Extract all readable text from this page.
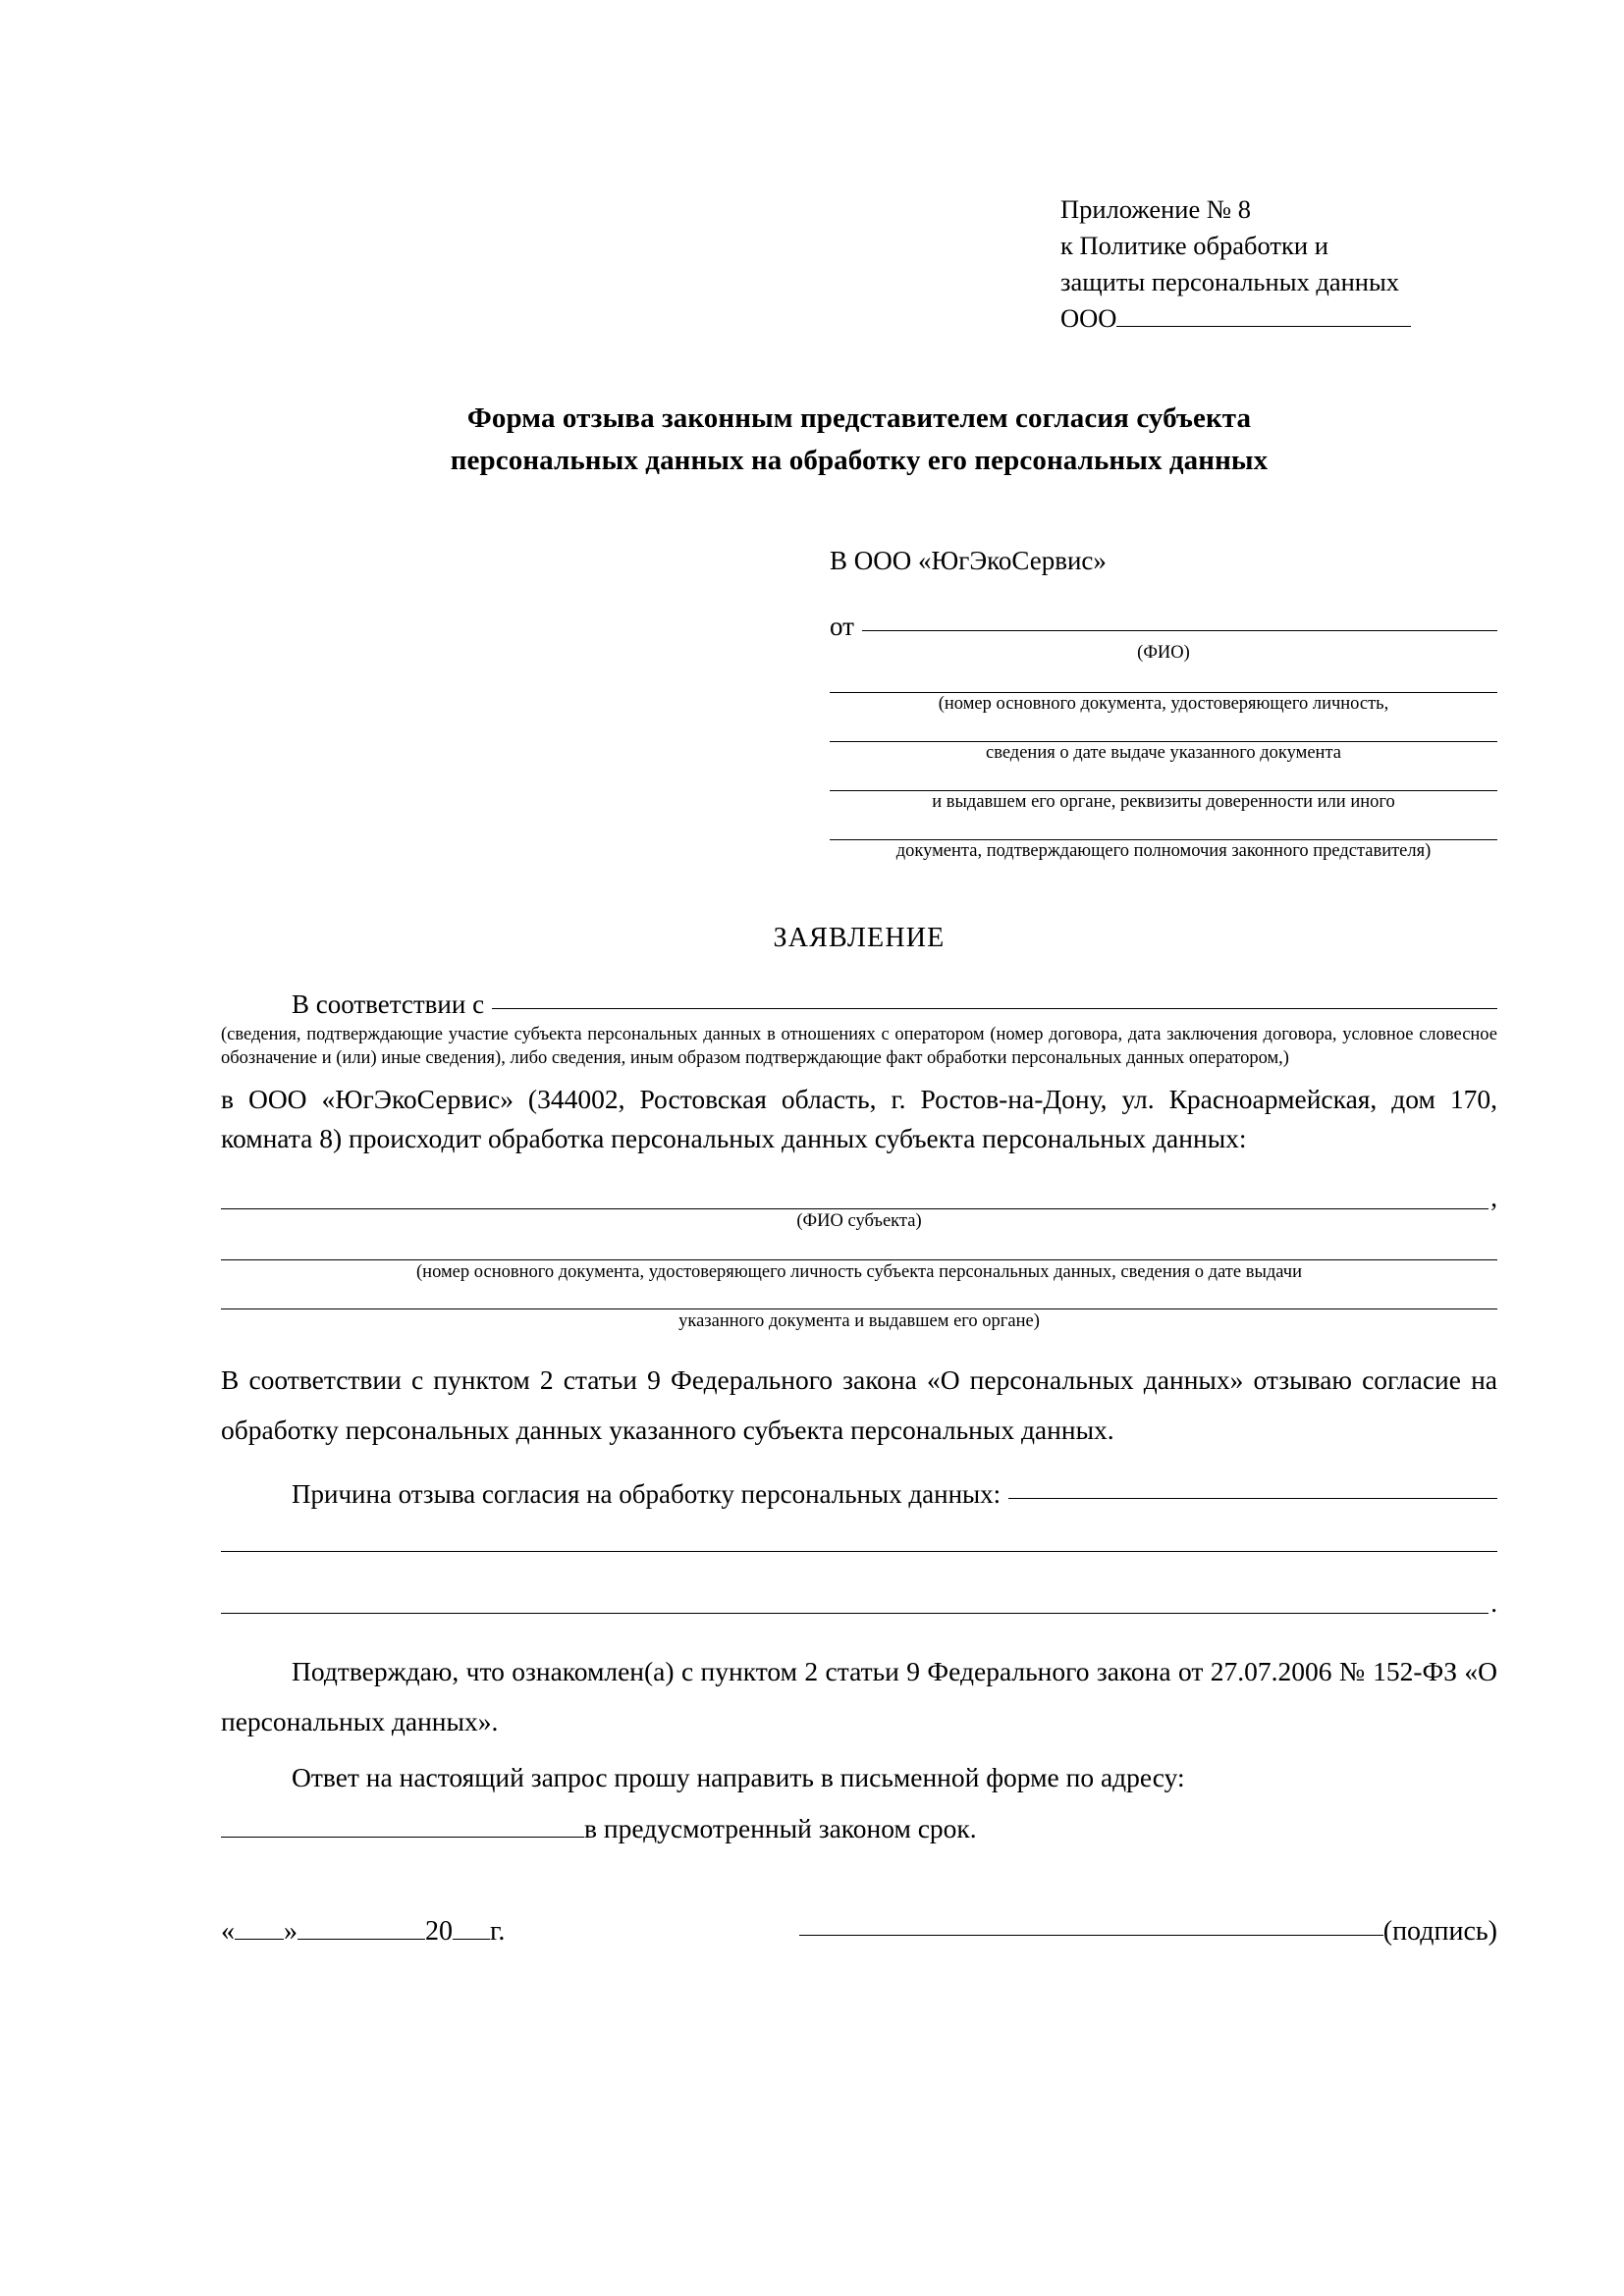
Приложение № 8
к Политике обработки и
защиты персональных данных
ООО
Форма отзыва законным представителем согласия субъекта
персональных данных на обработку его персональных данных
В ООО «ЮгЭкоСервис»
от
(ФИО)
(номер основного документа, удостоверяющего личность,
сведения о дате выдаче указанного документа
и выдавшем его органе, реквизиты доверенности или иного
документа, подтверждающего полномочия законного представителя)
ЗАЯВЛЕНИЕ
В соответствии с
(сведения, подтверждающие участие субъекта персональных данных в отношениях с оператором (номер договора, дата заключения договора, условное словесное обозначение и (или) иные сведения), либо сведения, иным образом подтверждающие факт обработки персональных данных оператором,)
в ООО «ЮгЭкоСервис» (344002, Ростовская область, г. Ростов-на-Дону, ул. Красноармейская, дом 170, комната 8) происходит обработка персональных данных субъекта персональных данных:
,
(ФИО субъекта)
(номер основного документа, удостоверяющего личность субъекта персональных данных, сведения о дате выдачи
указанного документа и выдавшем его органе)
В соответствии с пунктом 2 статьи 9 Федерального закона «О персональных данных» отзываю согласие на обработку персональных данных указанного субъекта персональных данных.
Причина отзыва согласия на обработку персональных данных:
.
Подтверждаю, что ознакомлен(а) с пунктом 2 статьи 9 Федерального закона от 27.07.2006 № 152-ФЗ «О персональных данных».
Ответ на настоящий запрос прошу направить в письменной форме по адресу:
в предусмотренный законом срок.
« »	20 г.	(подпись)
